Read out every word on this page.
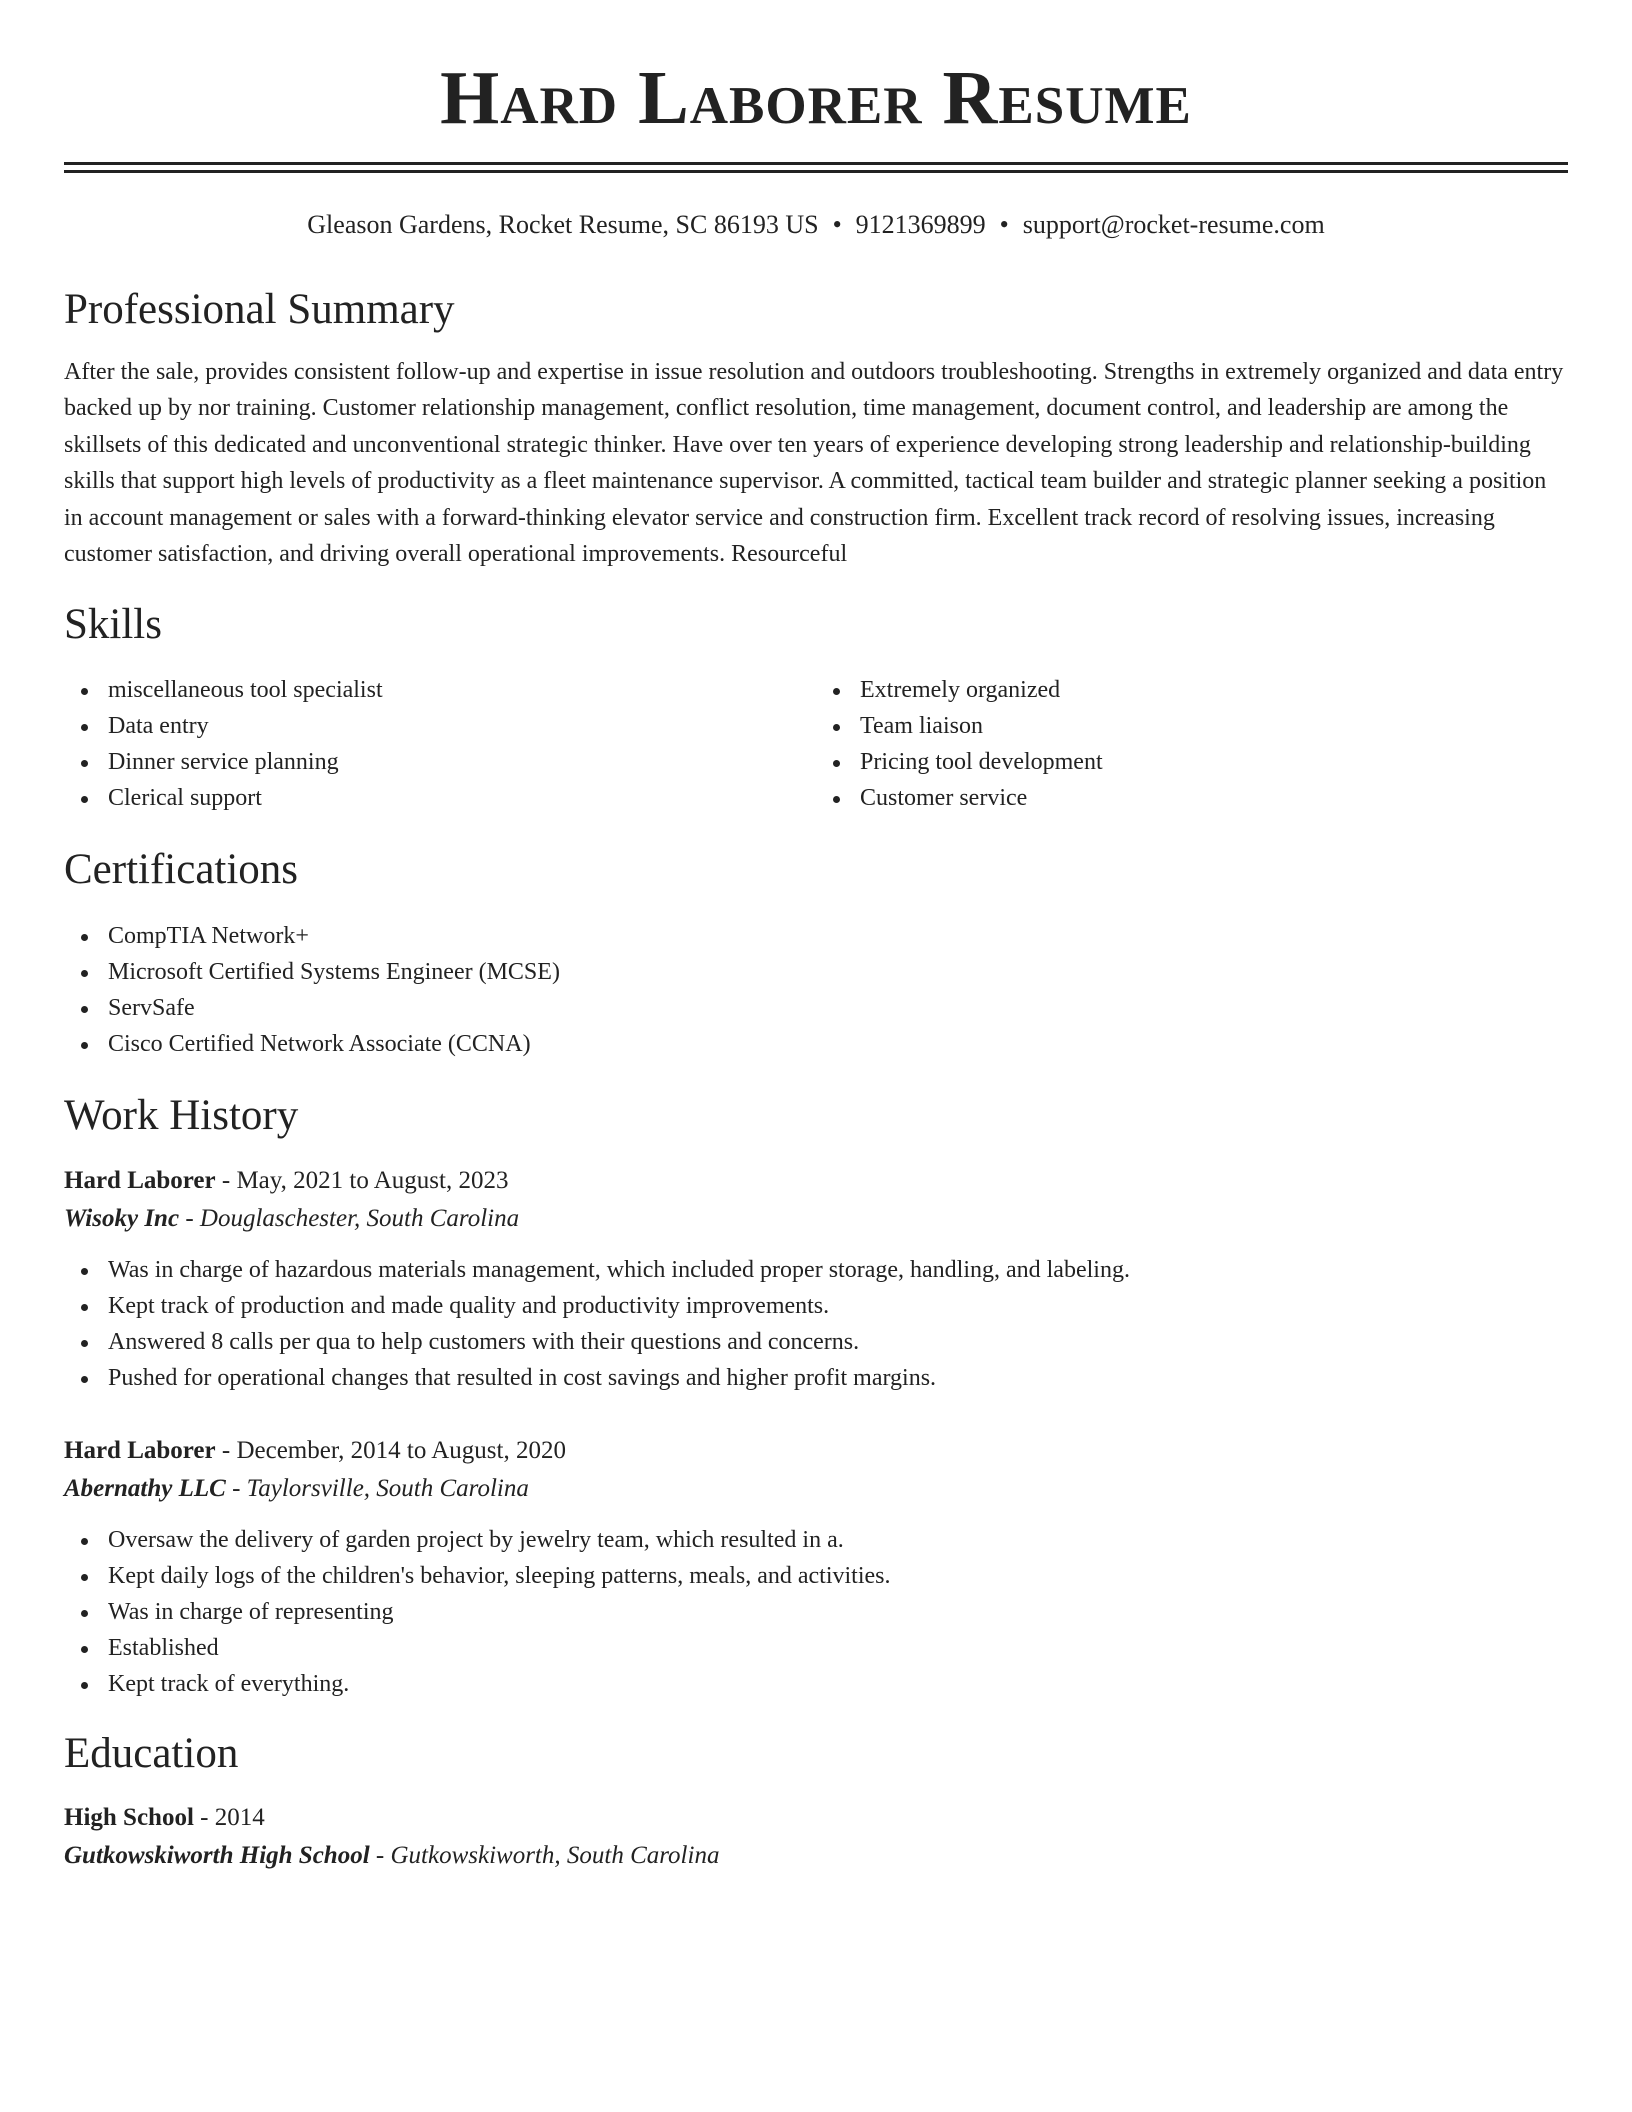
Hard Laborer Resume
Gleason Gardens, Rocket Resume, SC 86193 US • 9121369899 • support@rocket-resume.com
Professional Summary

After the sale, provides consistent follow-up and expertise in issue resolution and outdoors troubleshooting. Strengths in extremely organized and data entry backed up by nor training. Customer relationship management, conflict resolution, time management, document control, and leadership are among the skillsets of this dedicated and unconventional strategic thinker. Have over ten years of experience developing strong leadership and relationship-building skills that support high levels of productivity as a fleet maintenance supervisor. A committed, tactical team builder and strategic planner seeking a position in account management or sales with a forward-thinking elevator service and construction firm. Excellent track record of resolving issues, increasing customer satisfaction, and driving overall operational improvements. Resourceful

Skills
miscellaneous tool specialist
Data entry
Dinner service planning
Clerical support
Extremely organized
Team liaison
Pricing tool development
Customer service
Certifications
CompTIA Network+
Microsoft Certified Systems Engineer (MCSE)
ServSafe
Cisco Certified Network Associate (CCNA)
Work History
Hard Laborer - May, 2021 to August, 2023
Wisoky Inc - Douglaschester, South Carolina
Was in charge of hazardous materials management, which included proper storage, handling, and labeling.
Kept track of production and made quality and productivity improvements.
Answered 8 calls per qua to help customers with their questions and concerns.
Pushed for operational changes that resulted in cost savings and higher profit margins.
Hard Laborer - December, 2014 to August, 2020
Abernathy LLC - Taylorsville, South Carolina
Oversaw the delivery of garden project by jewelry team, which resulted in a.
Kept daily logs of the children's behavior, sleeping patterns, meals, and activities.
Was in charge of representing
Established
Kept track of everything.
Education
High School - 2014
Gutkowskiworth High School - Gutkowskiworth, South Carolina
